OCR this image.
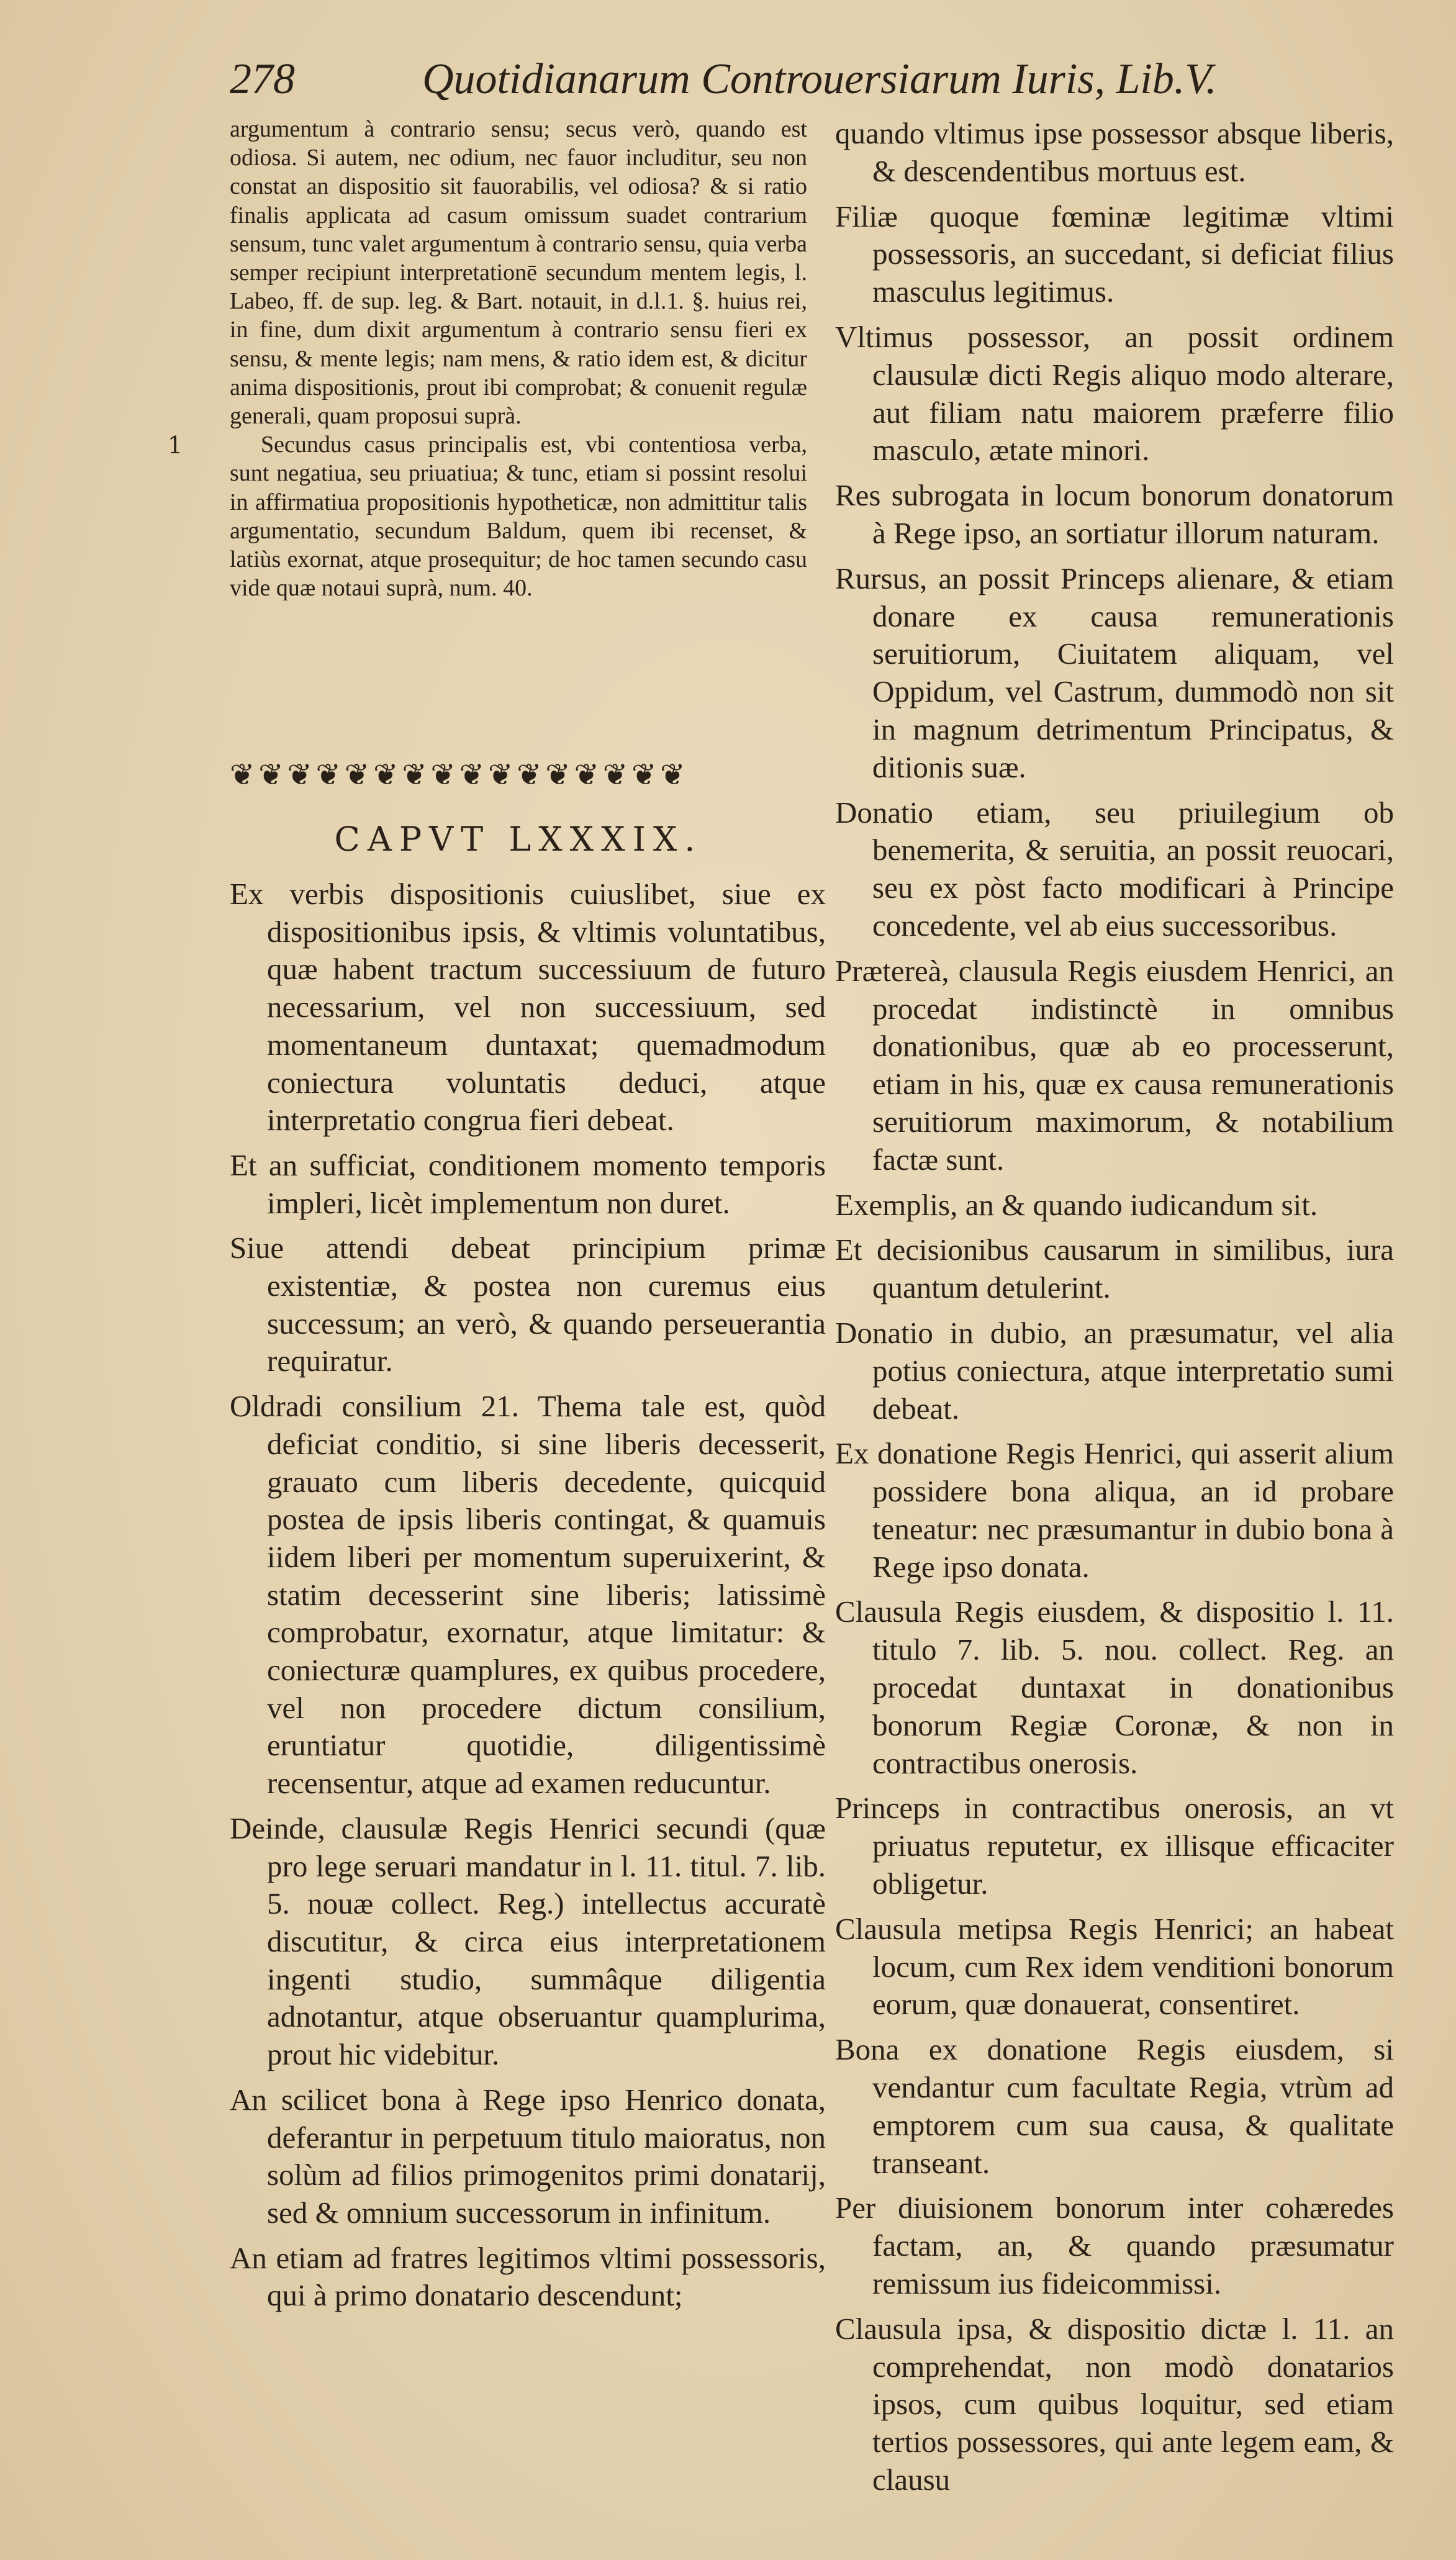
278	Quotidianarum Controuersiarum Iuris, Lib.V.

argumentum à contrario sensu; secus verò, quando est odiosa. Si autem, nec odium, nec fauor includitur, seu non constat an dispositio sit fauorabilis, vel odiosa? & si ratio finalis applicata ad casum omissum suadet contrarium sensum, tunc valet argumentum à contrario sensu, quia verba semper recipiunt interpretationē secundum mentem legis, l. Labeo, ff. de sup. leg. & Bart. notauit, in d.l.1. §. huius rei, in fine, dum dixit argumentum à contrario sensu fieri ex sensu, & mente legis; nam mens, & ratio idem est, & dicitur anima dispositionis, prout ibi comprobat; & conuenit regulæ generali, quam proposui suprà.

Secundus casus principalis est, vbi contentiosa verba, sunt negatiua, seu priuatiua; & tunc, etiam si possint resolui in affirmatiua propositionis hypotheticæ, non admittitur talis argumentatio, secundum Baldum, quem ibi recenset, & latiùs exornat, atque prosequitur; de hoc tamen secundo casu vide quæ notaui suprà, num. 40.

1
❦❦❦❦❦❦❦❦❦❦❦❦❦❦❦❦
CAPVT LXXXIX.

Ex verbis dispositionis cuiuslibet, siue ex dispositionibus ipsis, & vltimis voluntatibus, quæ habent tractum successiuum de futuro necessarium, vel non successiuum, sed momentaneum duntaxat; quemadmodum coniectura voluntatis deduci, atque interpretatio congrua fieri debeat.

Et an sufficiat, conditionem momento temporis impleri, licèt implementum non duret.

Siue attendi debeat principium primæ existentiæ, & postea non curemus eius successum; an verò, & quando perseuerantia requiratur.

Oldradi consilium 21. Thema tale est, quòd deficiat conditio, si sine liberis decesserit, grauato cum liberis decedente, quicquid postea de ipsis liberis contingat, & quamuis iidem liberi per momentum superuixerint, & statim decesserint sine liberis; latissimè comprobatur, exornatur, atque limitatur: & coniecturæ quamplures, ex quibus procedere, vel non procedere dictum consilium, eruntiatur quotidie, diligentissimè recensentur, atque ad examen reducuntur.

Deinde, clausulæ Regis Henrici secundi (quæ pro lege seruari mandatur in l. 11. titul. 7. lib. 5. nouæ collect. Reg.) intellectus accuratè discutitur, & circa eius interpretationem ingenti studio, summâque diligentia adnotantur, atque obseruantur quamplurima, prout hic videbitur.

An scilicet bona à Rege ipso Henrico donata, deferantur in perpetuum titulo maioratus, non solùm ad filios primogenitos primi donatarij, sed & omnium successorum in infinitum.

An etiam ad fratres legitimos vltimi possessoris, qui à primo donatario descendunt;

quando vltimus ipse possessor absque liberis, & descendentibus mortuus est.

Filiæ quoque fœminæ legitimæ vltimi possessoris, an succedant, si deficiat filius masculus legitimus.

Vltimus possessor, an possit ordinem clausulæ dicti Regis aliquo modo alterare, aut filiam natu maiorem præferre filio masculo, ætate minori.

Res subrogata in locum bonorum donatorum à Rege ipso, an sortiatur illorum naturam.

Rursus, an possit Princeps alienare, & etiam donare ex causa remunerationis seruitiorum, Ciuitatem aliquam, vel Oppidum, vel Castrum, dummodò non sit in magnum detrimentum Principatus, & ditionis suæ.

Donatio etiam, seu priuilegium ob benemerita, & seruitia, an possit reuocari, seu ex pòst facto modificari à Principe concedente, vel ab eius successoribus.

Prætereà, clausula Regis eiusdem Henrici, an procedat indistinctè in omnibus donationibus, quæ ab eo processerunt, etiam in his, quæ ex causa remunerationis seruitiorum maximorum, & notabilium factæ sunt.

Exemplis, an & quando iudicandum sit.

Et decisionibus causarum in similibus, iura quantum detulerint.

Donatio in dubio, an præsumatur, vel alia potius coniectura, atque interpretatio sumi debeat.

Ex donatione Regis Henrici, qui asserit alium possidere bona aliqua, an id probare teneatur: nec præsumantur in dubio bona à Rege ipso donata.

Clausula Regis eiusdem, & dispositio l. 11. titulo 7. lib. 5. nou. collect. Reg. an procedat duntaxat in donationibus bonorum Regiæ Coronæ, & non in contractibus onerosis.

Princeps in contractibus onerosis, an vt priuatus reputetur, ex illisque efficaciter obligetur.

Clausula metipsa Regis Henrici; an habeat locum, cum Rex idem venditioni bonorum eorum, quæ donauerat, consentiret.

Bona ex donatione Regis eiusdem, si vendantur cum facultate Regia, vtrùm ad emptorem cum sua causa, & qualitate transeant.

Per diuisionem bonorum inter cohæredes factam, an, & quando præsumatur remissum ius fideicommissi.

Clausula ipsa, & dispositio dictæ l. 11. an comprehendat, non modò donatarios ipsos, cum quibus loquitur, sed etiam tertios possessores, qui ante legem eam, & clausu
